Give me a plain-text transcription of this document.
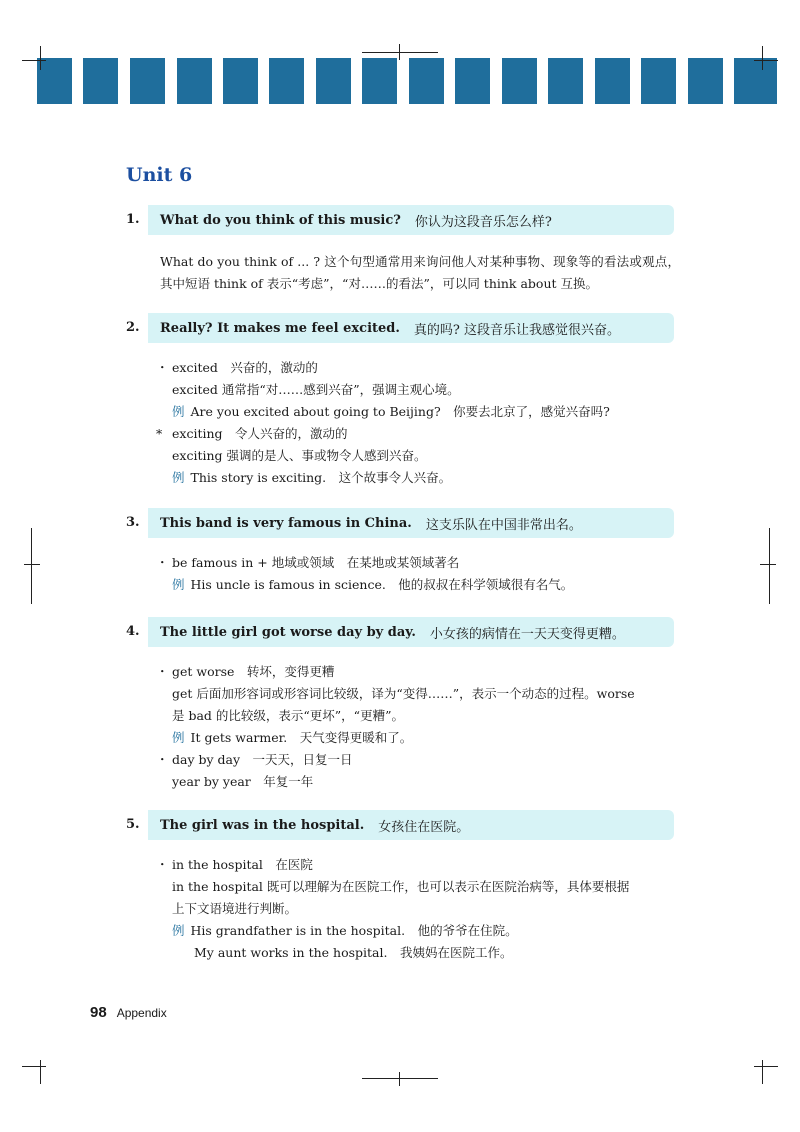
Unit 6
1. What do you think of this music? 你认为这段音乐怎么样?
What do you think of ... ? 这个句型通常用来询问他人对某种事物、现象等的看法或观点，其中短语 think of 表示“考虑”，“对……的看法”，可以同 think about 互换。
2. Really? It makes me feel excited. 真的吗? 这段音乐让我感觉很兴奋。
・ excited　兴奋的，激动的
excited 通常指“对……感到兴奋”，强调主观心境。
例 Are you excited about going to Beijing?　你要去北京了，感觉兴奋吗?
* exciting　令人兴奋的，激动的
exciting 强调的是人、事或物令人感到兴奋。
例 This story is exciting.　这个故事令人兴奋。
3. This band is very famous in China. 这支乐队在中国非常出名。
・ be famous in + 地域或领域　在某地或某领域著名
例 His uncle is famous in science.　他的叔叔在科学领域很有名气。
4. The little girl got worse day by day. 小女孩的病情在一天天变得更糟。
・ get worse　转坏，变得更糟
get 后面加形容词或形容词比较级，译为“变得……”，表示一个动态的过程。worse
是 bad 的比较级，表示“更坏”，“更糟”。
例 It gets warmer.　天气变得更暖和了。
・ day by day　一天天，日复一日
year by year　年复一年
5. The girl was in the hospital. 女孩住在医院。
・ in the hospital　在医院
in the hospital 既可以理解为在医院工作，也可以表示在医院治病等，具体要根据
上下文语境进行判断。
例 His grandfather is in the hospital.　他的爷爷在住院。
My aunt works in the hospital.　我姨妈在医院工作。
98 Appendix
